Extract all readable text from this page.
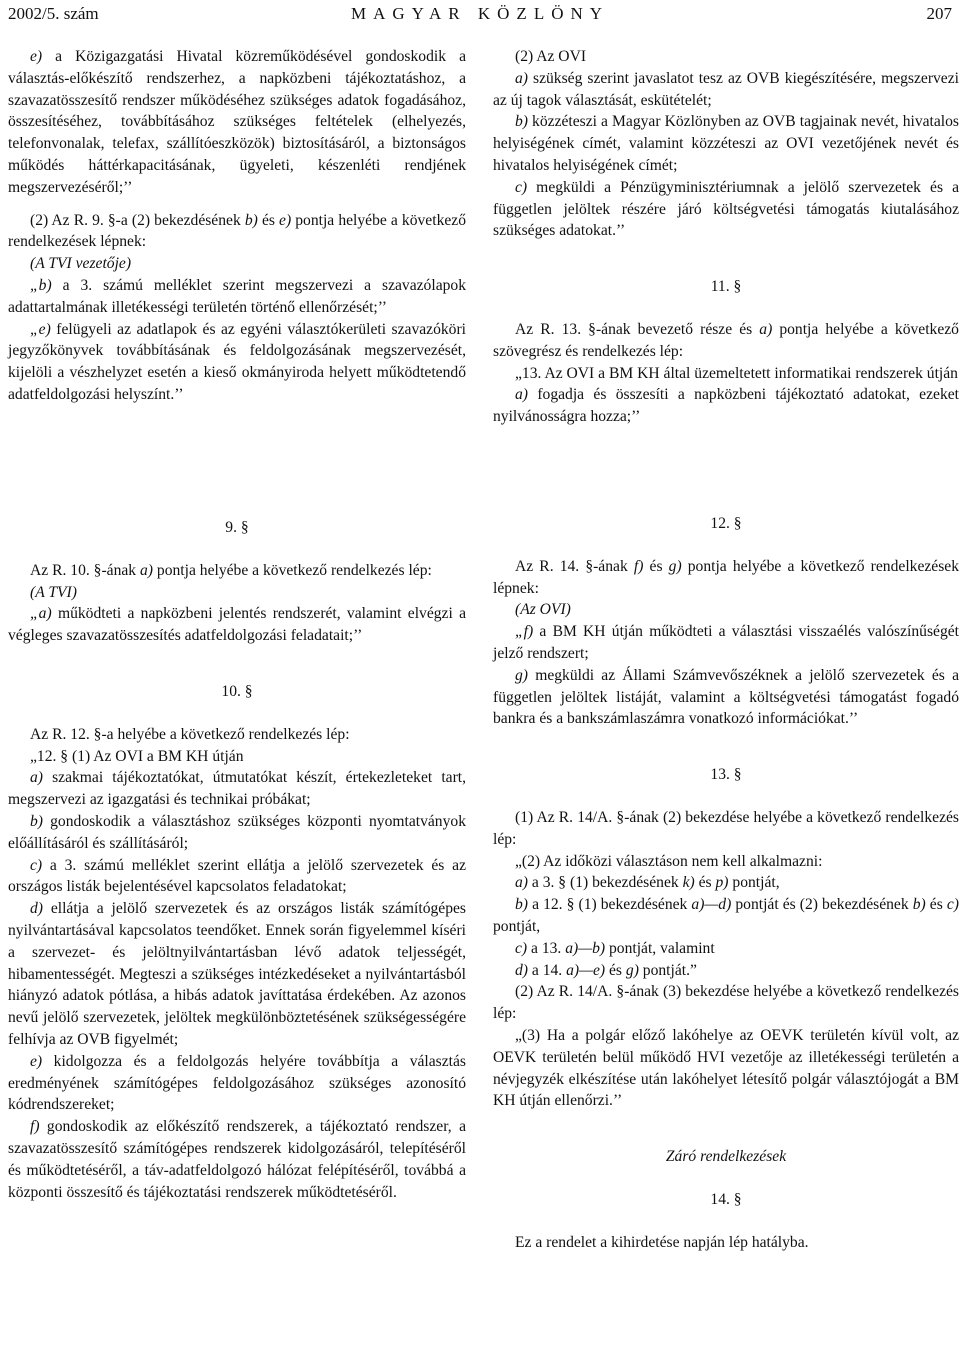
2002/5. szám	MAGYAR KÖZLÖNY	207

e) a Közigazgatási Hivatal közreműködésével gondoskodik a választás-előkészítő rendszerhez, a napközbeni tájékoztatáshoz, a szavazatösszesítő rendszer működéséhez szükséges adatok fogadásához, összesítéséhez, továbbításához szükséges feltételek (elhelyezés, telefonvonalak, telefax, szállítóeszközök) biztosításáról, a biztonságos működés háttérkapacitásának, ügyeleti, készenléti rendjének megszervezéséről;’’

(2) Az R. 9. §-a (2) bekezdésének b) és e) pontja helyébe a következő rendelkezések lépnek:

(A TVI vezetője)

„b) a 3. számú melléklet szerint megszervezi a szavazólapok adattartalmának illetékességi területén történő ellenőrzését;’’

„e) felügyeli az adatlapok és az egyéni választókerületi szavazóköri jegyzőkönyvek továbbításának és feldolgozásának megszervezését, kijelöli a vészhelyzet esetén a kieső okmányiroda helyett működtetendő adatfeldolgozási helyszínt.’’

(2) Az OVI

a) szükség szerint javaslatot tesz az OVB kiegészítésére, megszervezi az új tagok választását, eskütételét;

b) közzéteszi a Magyar Közlönyben az OVB tagjainak nevét, hivatalos helyiségének címét, valamint közzéteszi az OVI vezetőjének nevét és hivatalos helyiségének címét;

c) megküldi a Pénzügyminisztériumnak a jelölő szervezetek és a független jelöltek részére járó költségvetési támogatás kiutalásához szükséges adatokat.’’

11. §

Az R. 13. §-ának bevezető része és a) pontja helyébe a következő szövegrész és rendelkezés lép:

„13. Az OVI a BM KH által üzemeltetett informatikai rendszerek útján

a) fogadja és összesíti a napközbeni tájékoztató adatokat, ezeket nyilvánosságra hozza;’’

9. §

Az R. 10. §-ának a) pontja helyébe a következő rendelkezés lép:

(A TVI)

„a) működteti a napközbeni jelentés rendszerét, valamint elvégzi a végleges szavazatösszesítés adatfeldolgozási feladatait;’’

10. §

Az R. 12. §-a helyébe a következő rendelkezés lép:

„12. § (1) Az OVI a BM KH útján

a) szakmai tájékoztatókat, útmutatókat készít, értekezleteket tart, megszervezi az igazgatási és technikai próbákat;

b) gondoskodik a választáshoz szükséges központi nyomtatványok előállításáról és szállításáról;

c) a 3. számú melléklet szerint ellátja a jelölő szervezetek és az országos listák bejelentésével kapcsolatos feladatokat;

d) ellátja a jelölő szervezetek és az országos listák számítógépes nyilvántartásával kapcsolatos teendőket. Ennek során figyelemmel kíséri a szervezet- és jelöltnyilvántartásban lévő adatok teljességét, hibamentességét. Megteszi a szükséges intézkedéseket a nyilvántartásból hiányzó adatok pótlása, a hibás adatok javíttatása érdekében. Az azonos nevű jelölő szervezetek, jelöltek megkülönböztetésének szükségességére felhívja az OVB figyelmét;

e) kidolgozza és a feldolgozás helyére továbbítja a választás eredményének számítógépes feldolgozásához szükséges azonosító kódrendszereket;

f) gondoskodik az előkészítő rendszerek, a tájékoztató rendszer, a szavazatösszesítő számítógépes rendszerek kidolgozásáról, telepítéséről és működtetéséről, a táv-adatfeldolgozó hálózat felépítéséről, továbbá a központi összesítő és tájékoztatási rendszerek működtetéséről.

12. §

Az R. 14. §-ának f) és g) pontja helyébe a következő rendelkezések lépnek:

(Az OVI)

„f) a BM KH útján működteti a választási visszaélés valószínűségét jelző rendszert;

g) megküldi az Állami Számvevőszéknek a jelölő szervezetek és a független jelöltek listáját, valamint a költségvetési támogatást fogadó bankra és a bankszámlaszámra vonatkozó információkat.’’

13. §

(1) Az R. 14/A. §-ának (2) bekezdése helyébe a következő rendelkezés lép:

„(2) Az időközi választáson nem kell alkalmazni:

a) a 3. § (1) bekezdésének k) és p) pontját,

b) a 12. § (1) bekezdésének a)—d) pontját és (2) bekezdésének b) és c) pontját,

c) a 13. a)—b) pontját, valamint

d) a 14. a)—e) és g) pontját.”

(2) Az R. 14/A. §-ának (3) bekezdése helyébe a következő rendelkezés lép:

„(3) Ha a polgár előző lakóhelye az OEVK területén kívül volt, az OEVK területén belül működő HVI vezetője az illetékességi területén a névjegyzék elkészítése után lakóhelyet létesítő polgár választójogát a BM KH útján ellenőrzi.’’

Záró rendelkezések

14. §

Ez a rendelet a kihirdetése napján lép hatályba.
